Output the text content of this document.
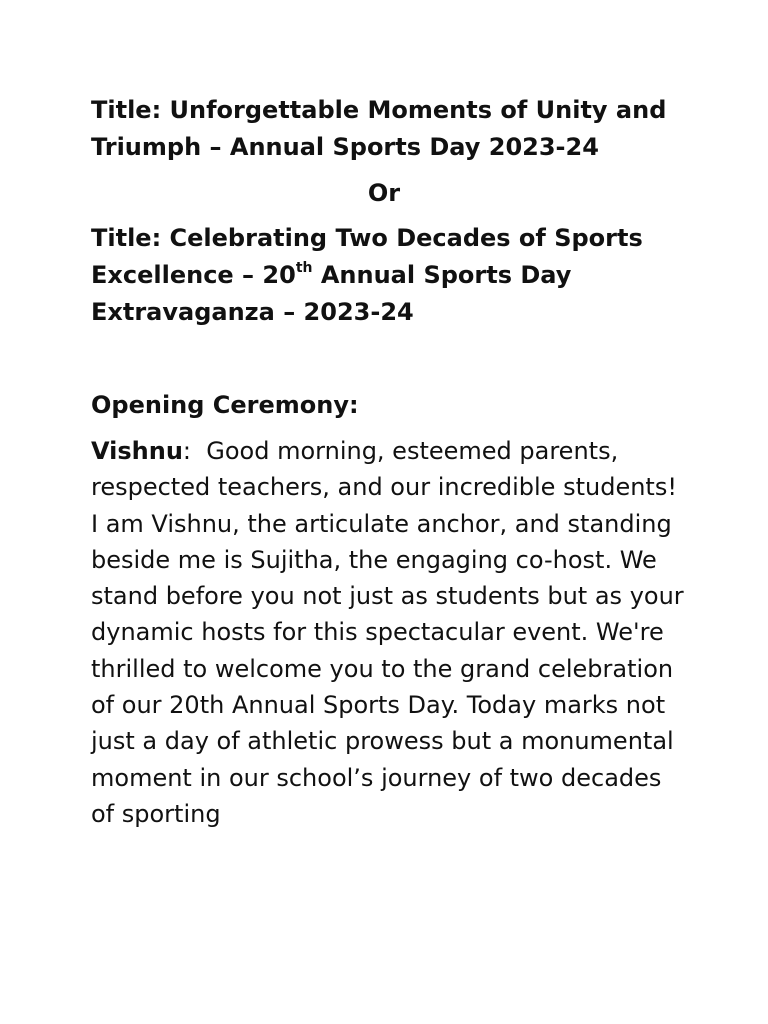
Title: Unforgettable Moments of Unity and Triumph – Annual Sports Day 2023-24

Or

Title: Celebrating Two Decades of Sports Excellence – 20th Annual Sports Day Extravaganza – 2023-24

Opening Ceremony:

Vishnu:  Good morning, esteemed parents, respected teachers, and our incredible students! I am Vishnu, the articulate anchor, and standing beside me is Sujitha, the engaging co-host. We stand before you not just as students but as your dynamic hosts for this spectacular event. We're thrilled to welcome you to the grand celebration of our 20th Annual Sports Day. Today marks not just a day of athletic prowess but a monumental moment in our school’s journey of two decades of sporting
